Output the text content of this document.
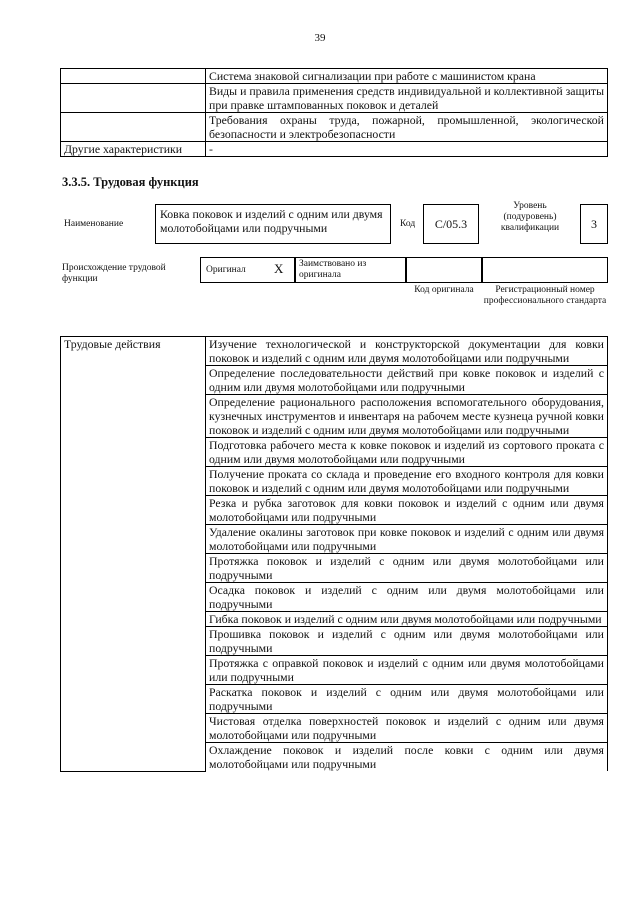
39
	Система знаковой сигнализации при работе с машинистом крана
	Виды и правила применения средств индивидуальной и коллективной защиты при правке штампованных поковок и деталей
	Требования охраны труда, пожарной, промышленной, экологической безопасности и электробезопасности
Другие характеристики	-
3.3.5. Трудовая функция
Наименование
Ковка поковок и изделий с одним или двумя молотобойцами или подручными	Код	C/05.3
Уровень (подуровень) квалификации	3
Происхождение трудовой функции
Оригинал X Заимствовано из оригинала
Код оригинала	Регистрационный номер профессионального стандарта
Трудовые действия	Изучение технологической и конструкторской документации для ковки поковок и изделий с одним или двумя молотобойцами или подручными
Определение последовательности действий при ковке поковок и изделий с одним или двумя молотобойцами или подручными
Определение рационального расположения вспомогательного оборудования, кузнечных инструментов и инвентаря на рабочем месте кузнеца ручной ковки поковок и изделий с одним или двумя молотобойцами или подручными
Подготовка рабочего места к ковке поковок и изделий из сортового проката с одним или двумя молотобойцами или подручными
Получение проката со склада и проведение его входного контроля для ковки поковок и изделий с одним или двумя молотобойцами или подручными
Резка и рубка заготовок для ковки поковок и изделий с одним или двумя молотобойцами или подручными
Удаление окалины заготовок при ковке поковок и изделий с одним или двумя молотобойцами или подручными
Протяжка поковок и изделий с одним или двумя молотобойцами или подручными
Осадка поковок и изделий с одним или двумя молотобойцами или подручными
Гибка поковок и изделий с одним или двумя молотобойцами или подручными
Прошивка поковок и изделий с одним или двумя молотобойцами или подручными
Протяжка с оправкой поковок и изделий с одним или двумя молотобойцами или подручными
Раскатка поковок и изделий с одним или двумя молотобойцами или подручными
Чистовая отделка поверхностей поковок и изделий с одним или двумя молотобойцами или подручными
Охлаждение поковок и изделий после ковки с одним или двумя молотобойцами или подручными
